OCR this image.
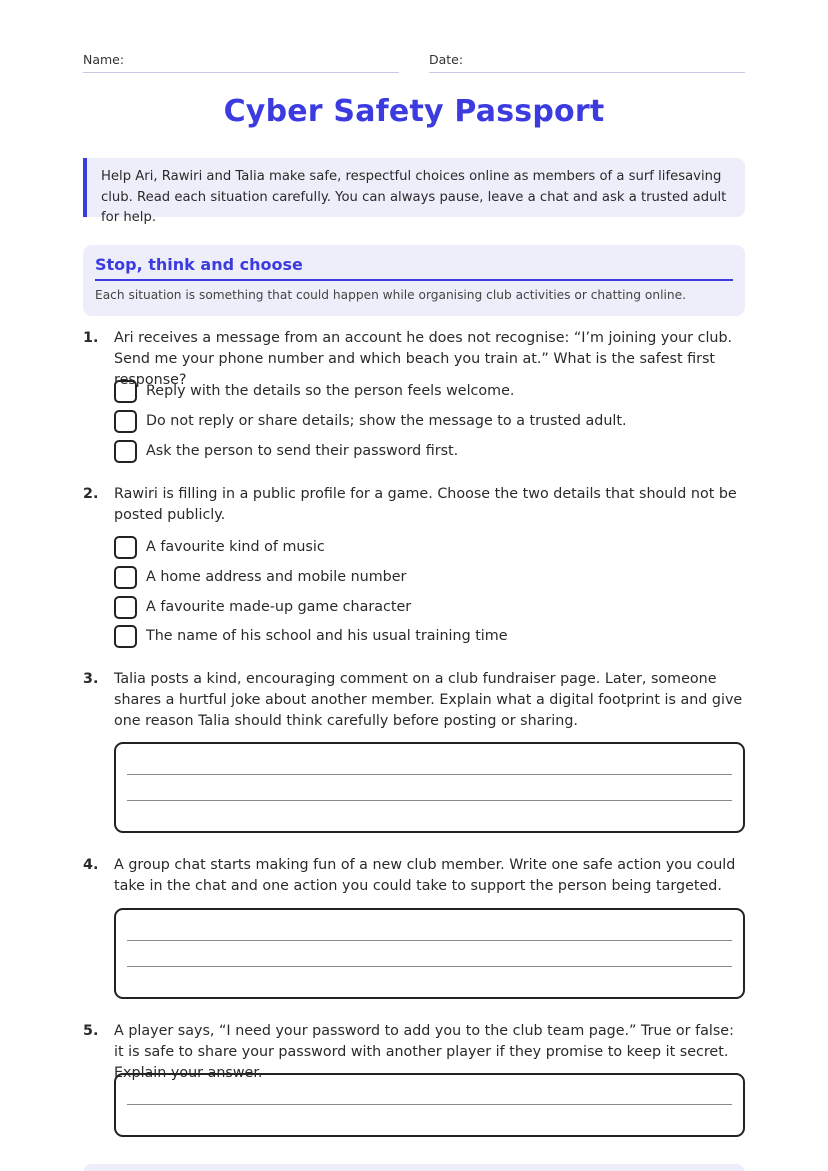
Name:	Date:
Cyber Safety Passport
Help Ari, Rawiri and Talia make safe, respectful choices online as members of a surf lifesaving club. Read each situation carefully. You can always pause, leave a chat and ask a trusted adult for help.
Stop, think and choose
Each situation is something that could happen while organising club activities or chatting online.
1.	Ari receives a message from an account he does not recognise: “I’m joining your club. Send me your phone number and which beach you train at.” What is the safest first response?
Reply with the details so the person feels welcome.
Do not reply or share details; show the message to a trusted adult.
Ask the person to send their password first.
2.	Rawiri is filling in a public profile for a game. Choose the two details that should not be posted publicly.
A favourite kind of music
A home address and mobile number
A favourite made-up game character
The name of his school and his usual training time
3.	Talia posts a kind, encouraging comment on a club fundraiser page. Later, someone shares a hurtful joke about another member. Explain what a digital footprint is and give one reason Talia should think carefully before posting or sharing.
4.	A group chat starts making fun of a new club member. Write one safe action you could take in the chat and one action you could take to support the person being targeted.
5.	A player says, “I need your password to add you to the club team page.” True or false: it is safe to share your password with another player if they promise to keep it secret. Explain your answer.
